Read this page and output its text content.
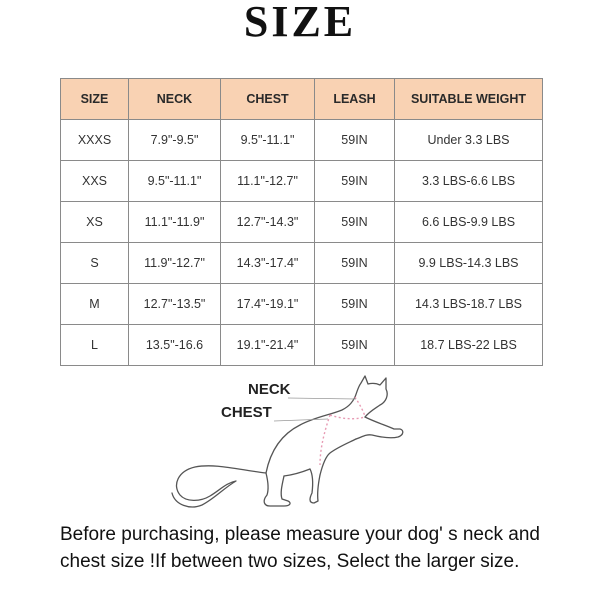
SIZE
SIZE	NECK	CHEST	LEASH	SUITABLE WEIGHT
XXXS	7.9"-9.5"	9.5"-11.1"	59IN	Under 3.3 LBS
XXS	9.5"-11.1"	11.1"-12.7"	59IN	3.3 LBS-6.6 LBS
XS	11.1"-11.9"	12.7"-14.3"	59IN	6.6 LBS-9.9 LBS
S	11.9"-12.7"	14.3"-17.4"	59IN	9.9 LBS-14.3 LBS
M	12.7"-13.5"	17.4"-19.1"	59IN	14.3 LBS-18.7 LBS
L	13.5"-16.6	19.1"-21.4"	59IN	18.7 LBS-22 LBS
NECK
CHEST
Before purchasing, please measure your dog' s neck and chest size !If between two sizes, Select the larger size.
